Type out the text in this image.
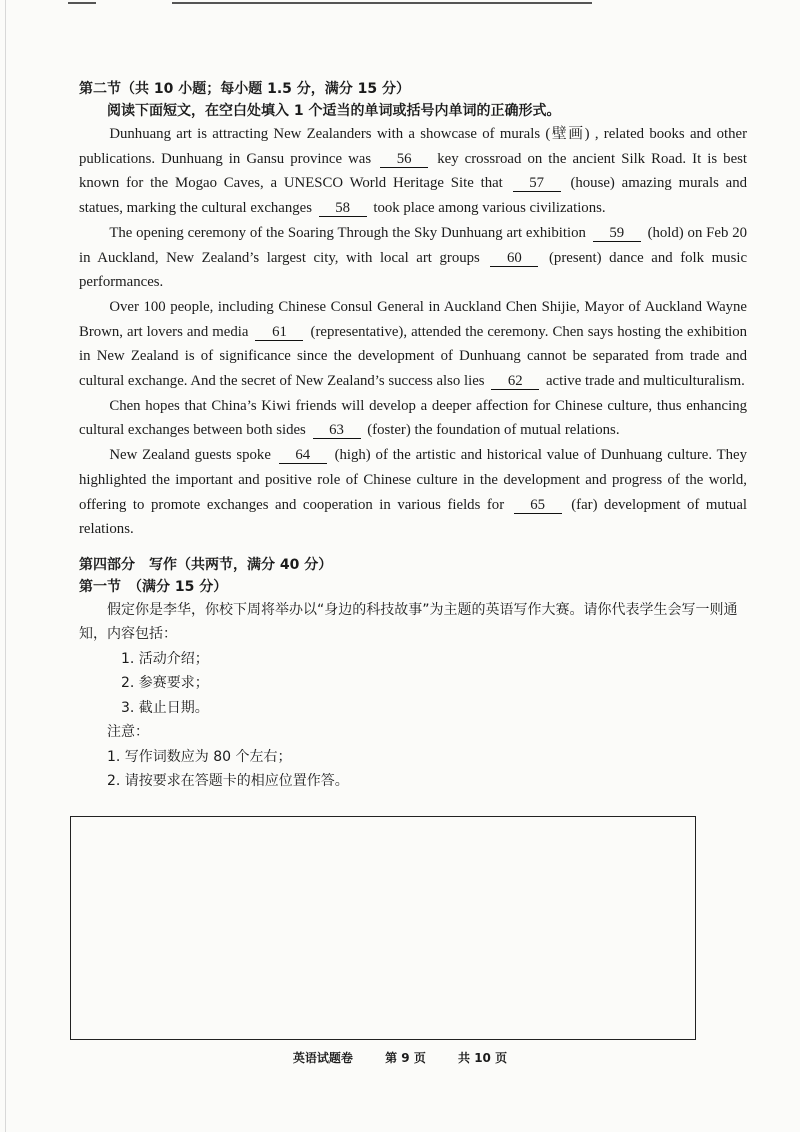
第二节（共 10 小题；每小题 1.5 分，满分 15 分）

阅读下面短文，在空白处填入 1 个适当的单词或括号内单词的正确形式。

Dunhuang art is attracting New Zealanders with a showcase of murals (壁画) , related books and other publications. Dunhuang in Gansu province was 56 key crossroad on the ancient Silk Road. It is best known for the Mogao Caves, a UNESCO World Heritage Site that 57 (house) amazing murals and statues, marking the cultural exchanges 58 took place among various civilizations.

The opening ceremony of the Soaring Through the Sky Dunhuang art exhibition 59 (hold) on Feb 20 in Auckland, New Zealand’s largest city, with local art groups 60 (present) dance and folk music performances.

Over 100 people, including Chinese Consul General in Auckland Chen Shijie, Mayor of Auckland Wayne Brown, art lovers and media 61 (representative), attended the ceremony. Chen says hosting the exhibition in New Zealand is of significance since the development of Dunhuang cannot be separated from trade and cultural exchange. And the secret of New Zealand’s success also lies 62 active trade and multiculturalism.

Chen hopes that China’s Kiwi friends will develop a deeper affection for Chinese culture, thus enhancing cultural exchanges between both sides 63 (foster) the foundation of mutual relations.

New Zealand guests spoke 64 (high) of the artistic and historical value of Dunhuang culture. They highlighted the important and positive role of Chinese culture in the development and progress of the world, offering to promote exchanges and cooperation in various fields for 65 (far) development of mutual relations.

第四部分　写作（共两节，满分 40 分）

第一节　（满分 15 分）

假定你是李华，你校下周将举办以“身边的科技故事”为主题的英语写作大赛。请你代表学生会写一则通知，内容包括：

1. 活动介绍；

2. 参赛要求；

3. 截止日期。

注意：

1. 写作词数应为 80 个左右；

2. 请按要求在答题卡的相应位置作答。

英语试题卷	第 9 页	共 10 页
